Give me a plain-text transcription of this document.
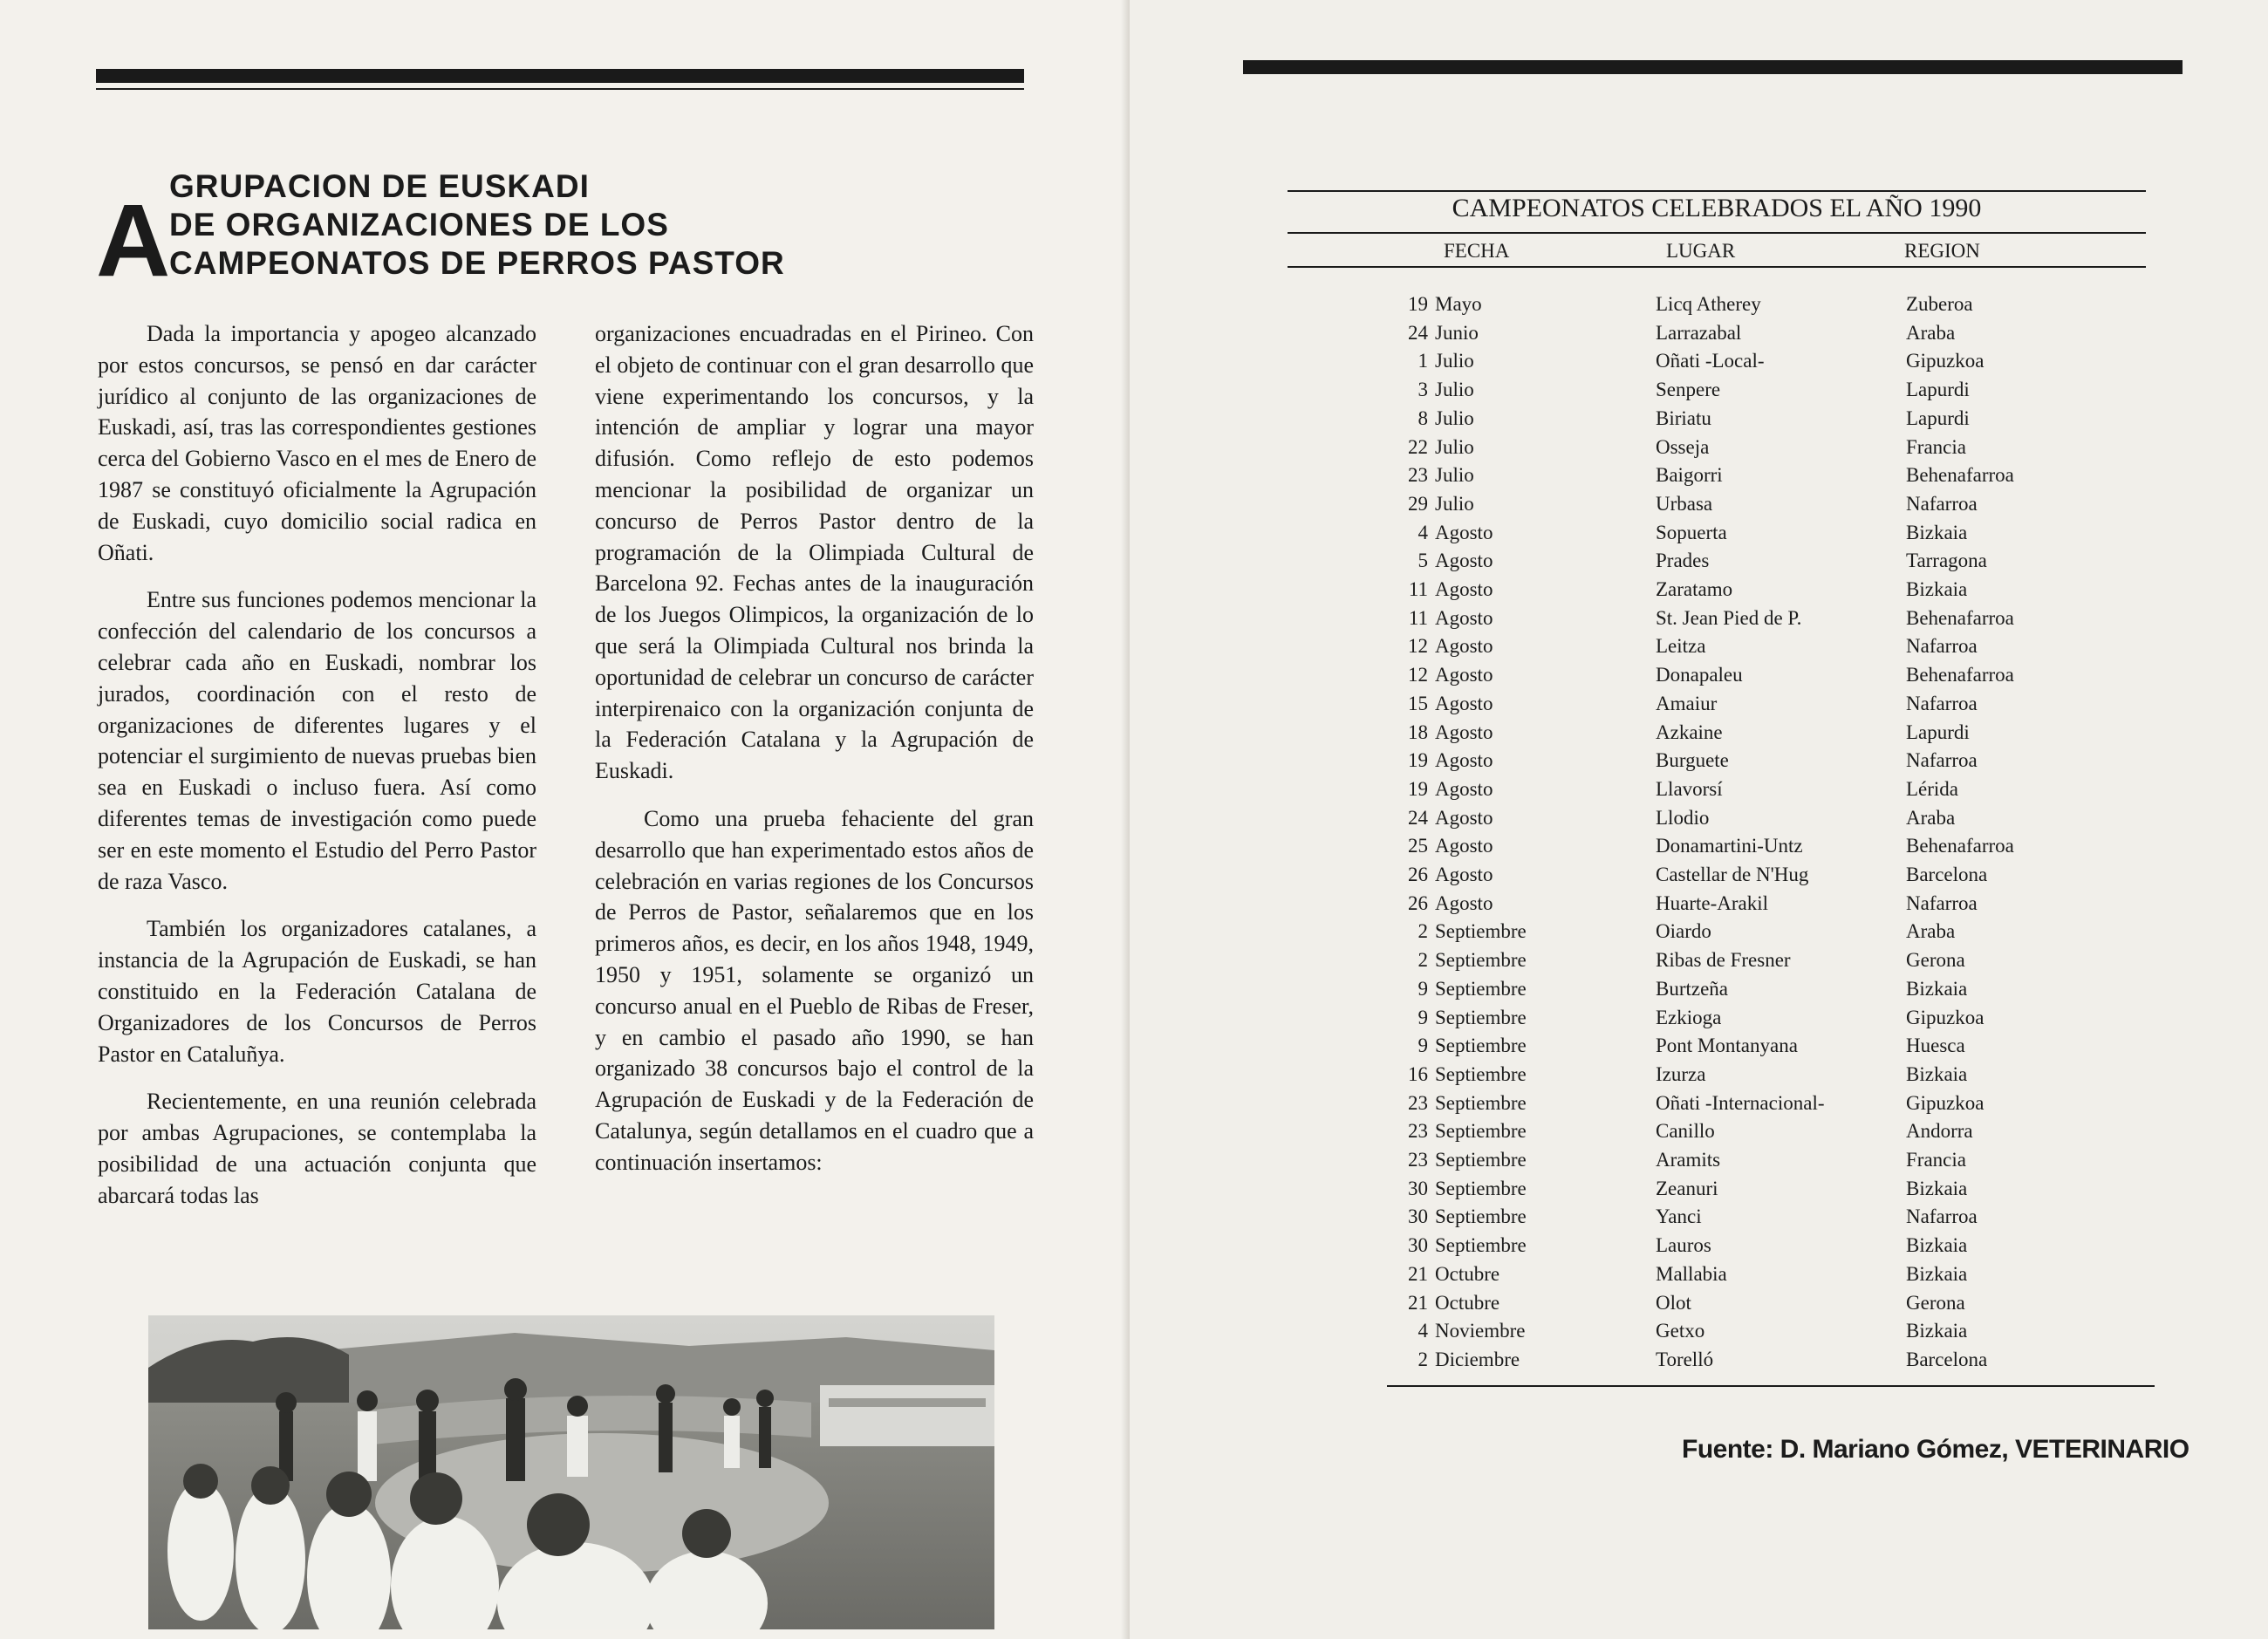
A
GRUPACION DE EUSKADI
DE ORGANIZACIONES DE LOS
CAMPEONATOS DE PERROS PASTOR

Dada la importancia y apogeo alcanzado por estos concursos, se pensó en dar carácter jurídico al conjunto de las organizaciones de Euskadi, así, tras las correspondientes gestiones cerca del Gobierno Vasco en el mes de Enero de 1987 se constituyó oficialmente la Agrupación de Euskadi, cuyo domicilio social radica en Oñati.

Entre sus funciones podemos mencionar la confección del calendario de los concursos a celebrar cada año en Euskadi, nombrar los jurados, coordinación con el resto de organizaciones de diferentes lugares y el potenciar el surgimiento de nuevas pruebas bien sea en Euskadi o incluso fuera. Así como diferentes temas de investigación como puede ser en este momento el Estudio del Perro Pastor de raza Vasco.

También los organizadores catalanes, a instancia de la Agrupación de Euskadi, se han constituido en la Federación Catalana de Organizadores de los Concursos de Perros Pastor en Cataluñya.

Recientemente, en una reunión celebrada por ambas Agrupaciones, se contemplaba la posibilidad de una actuación conjunta que abarcará todas las

organizaciones encuadradas en el Pirineo. Con el objeto de continuar con el gran desarrollo que viene experimentando los concursos, y la intención de ampliar y lograr una mayor difusión. Como reflejo de esto podemos mencionar la posibilidad de organizar un concurso de Perros Pastor dentro de la programación de la Olimpiada Cultural de Barcelona 92. Fechas antes de la inauguración de los Juegos Olimpicos, la organización de lo que será la Olimpiada Cultural nos brinda la oportunidad de celebrar un concurso de carácter interpirenaico con la organización conjunta de la Federación Catalana y la Agrupación de Euskadi.

Como una prueba fehaciente del gran desarrollo que han experimentado estos años de celebración en varias regiones de los Concursos de Perros de Pastor, señalaremos que en los primeros años, es decir, en los años 1948, 1949, 1950 y 1951, solamente se organizó un concurso anual en el Pueblo de Ribas de Freser, y en cambio el pasado año 1990, se han organizado 38 concursos bajo el control de la Agrupación de Euskadi y de la Federación de Catalunya, según detallamos en el cuadro que a continuación insertamos:

CAMPEONATOS CELEBRADOS EL AÑO 1990
FECHA	LUGAR	REGION
19 Mayo	Licq Atherey	Zuberoa
24 Junio	Larrazabal	Araba
1 Julio	Oñati -Local-	Gipuzkoa
3 Julio	Senpere	Lapurdi
8 Julio	Biriatu	Lapurdi
22 Julio	Osseja	Francia
23 Julio	Baigorri	Behenafarroa
29 Julio	Urbasa	Nafarroa
4 Agosto	Sopuerta	Bizkaia
5 Agosto	Prades	Tarragona
11 Agosto	Zaratamo	Bizkaia
11 Agosto	St. Jean Pied de P.	Behenafarroa
12 Agosto	Leitza	Nafarroa
12 Agosto	Donapaleu	Behenafarroa
15 Agosto	Amaiur	Nafarroa
18 Agosto	Azkaine	Lapurdi
19 Agosto	Burguete	Nafarroa
19 Agosto	Llavorsí	Lérida
24 Agosto	Llodio	Araba
25 Agosto	Donamartini-Untz	Behenafarroa
26 Agosto	Castellar de N'Hug	Barcelona
26 Agosto	Huarte-Arakil	Nafarroa
2 Septiembre	Oiardo	Araba
2 Septiembre	Ribas de Fresner	Gerona
9 Septiembre	Burtzeña	Bizkaia
9 Septiembre	Ezkioga	Gipuzkoa
9 Septiembre	Pont Montanyana	Huesca
16 Septiembre	Izurza	Bizkaia
23 Septiembre	Oñati -Internacional-	Gipuzkoa
23 Septiembre	Canillo	Andorra
23 Septiembre	Aramits	Francia
30 Septiembre	Zeanuri	Bizkaia
30 Septiembre	Yanci	Nafarroa
30 Septiembre	Lauros	Bizkaia
21 Octubre	Mallabia	Bizkaia
21 Octubre	Olot	Gerona
4 Noviembre	Getxo	Bizkaia
2 Diciembre	Torelló	Barcelona
Fuente: D. Mariano Gómez, VETERINARIO
